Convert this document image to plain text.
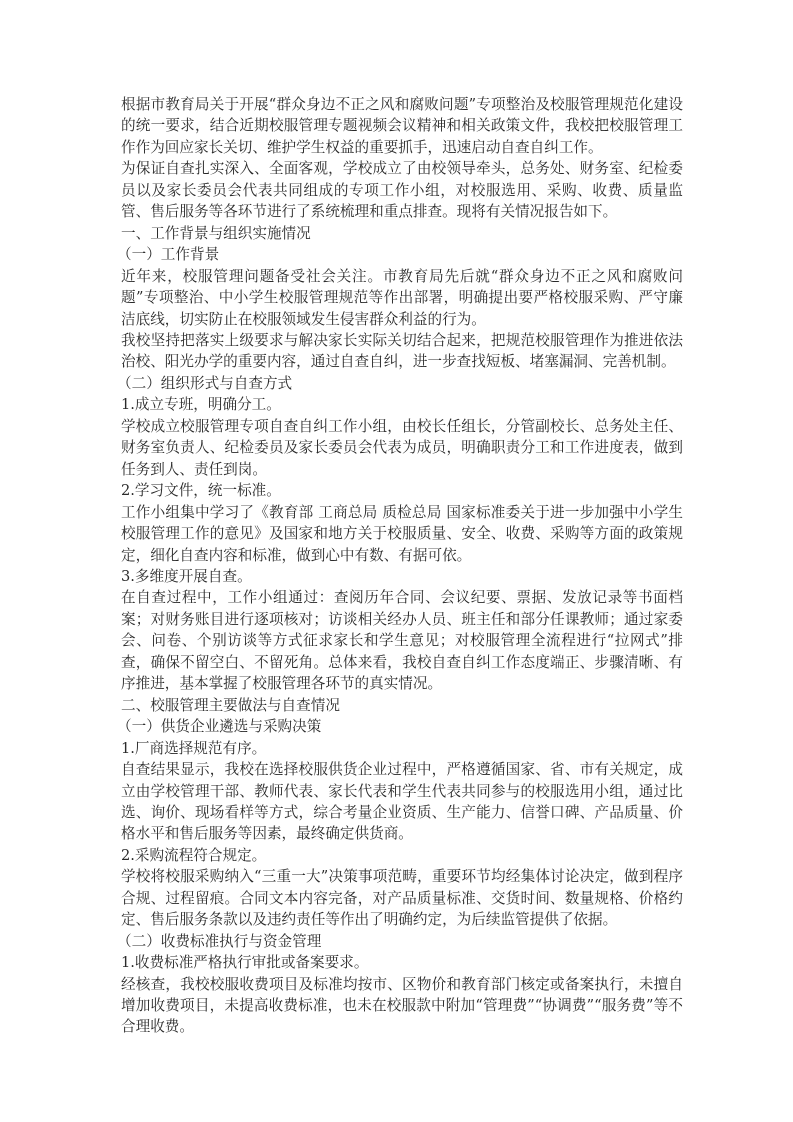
根据市教育局关于开展“群众身边不正之风和腐败问题”专项整治及校服管理规范化建设的统一要求，结合近期校服管理专题视频会议精神和相关政策文件，我校把校服管理工作作为回应家长关切、维护学生权益的重要抓手，迅速启动自查自纠工作。

为保证自查扎实深入、全面客观，学校成立了由校领导牵头，总务处、财务室、纪检委员以及家长委员会代表共同组成的专项工作小组，对校服选用、采购、收费、质量监管、售后服务等各环节进行了系统梳理和重点排查。现将有关情况报告如下。

一、工作背景与组织实施情况

（一）工作背景

近年来，校服管理问题备受社会关注。市教育局先后就“群众身边不正之风和腐败问题”专项整治、中小学生校服管理规范等作出部署，明确提出要严格校服采购、严守廉洁底线，切实防止在校服领域发生侵害群众利益的行为。

我校坚持把落实上级要求与解决家长实际关切结合起来，把规范校服管理作为推进依法治校、阳光办学的重要内容，通过自查自纠，进一步查找短板、堵塞漏洞、完善机制。

（二）组织形式与自查方式

1.成立专班，明确分工。

学校成立校服管理专项自查自纠工作小组，由校长任组长，分管副校长、总务处主任、财务室负责人、纪检委员及家长委员会代表为成员，明确职责分工和工作进度表，做到任务到人、责任到岗。

2.学习文件，统一标准。

工作小组集中学习了《教育部 工商总局 质检总局 国家标准委关于进一步加强中小学生校服管理工作的意见》及国家和地方关于校服质量、安全、收费、采购等方面的政策规定，细化自查内容和标准，做到心中有数、有据可依。

3.多维度开展自查。

在自查过程中，工作小组通过：查阅历年合同、会议纪要、票据、发放记录等书面档案；对财务账目进行逐项核对；访谈相关经办人员、班主任和部分任课教师；通过家委会、问卷、个别访谈等方式征求家长和学生意见；对校服管理全流程进行“拉网式”排查，确保不留空白、不留死角。总体来看，我校自查自纠工作态度端正、步骤清晰、有序推进，基本掌握了校服管理各环节的真实情况。

二、校服管理主要做法与自查情况

（一）供货企业遴选与采购决策

1.厂商选择规范有序。

自查结果显示，我校在选择校服供货企业过程中，严格遵循国家、省、市有关规定，成立由学校管理干部、教师代表、家长代表和学生代表共同参与的校服选用小组，通过比选、询价、现场看样等方式，综合考量企业资质、生产能力、信誉口碑、产品质量、价格水平和售后服务等因素，最终确定供货商。

2.采购流程符合规定。

学校将校服采购纳入“三重一大”决策事项范畴，重要环节均经集体讨论决定，做到程序合规、过程留痕。合同文本内容完备，对产品质量标准、交货时间、数量规格、价格约定、售后服务条款以及违约责任等作出了明确约定，为后续监管提供了依据。

（二）收费标准执行与资金管理

1.收费标准严格执行审批或备案要求。

经核查，我校校服收费项目及标准均按市、区物价和教育部门核定或备案执行，未擅自增加收费项目，未提高收费标准，也未在校服款中附加“管理费”“协调费”“服务费”等不合理收费。
